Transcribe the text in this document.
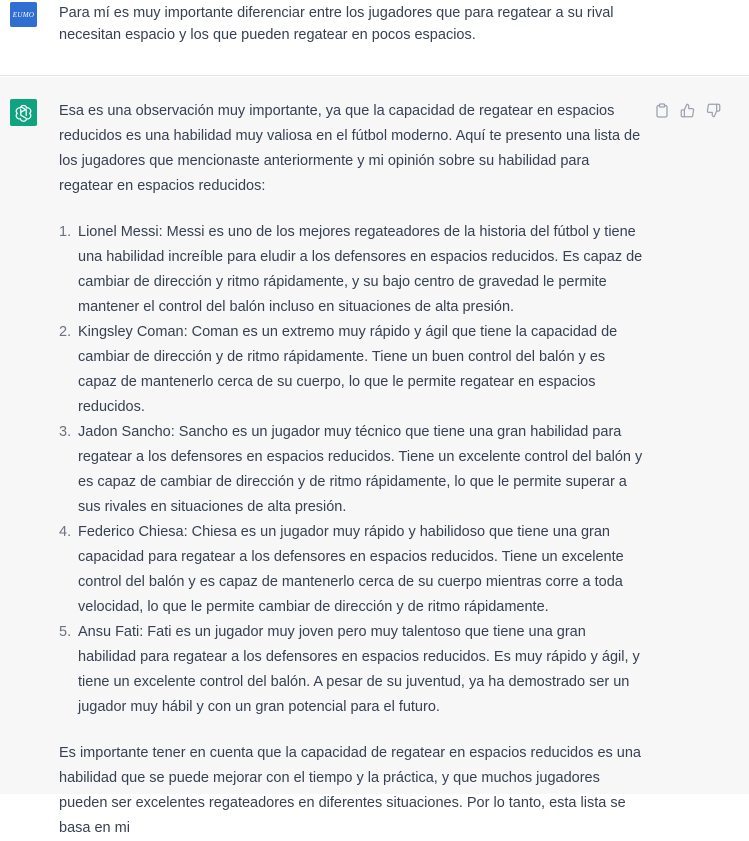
EUMO Para mí es muy importante diferenciar entre los jugadores que para regatear a su rival necesitan espacio y los que pueden regatear en pocos espacios.

Esa es una observación muy importante, ya que la capacidad de regatear en espacios reducidos es una habilidad muy valiosa en el fútbol moderno. Aquí te presento una lista de los jugadores que mencionaste anteriormente y mi opinión sobre su habilidad para regatear en espacios reducidos:

1. Lionel Messi: Messi es uno de los mejores regateadores de la historia del fútbol y tiene una habilidad increíble para eludir a los defensores en espacios reducidos. Es capaz de cambiar de dirección y ritmo rápidamente, y su bajo centro de gravedad le permite mantener el control del balón incluso en situaciones de alta presión.
2. Kingsley Coman: Coman es un extremo muy rápido y ágil que tiene la capacidad de cambiar de dirección y de ritmo rápidamente. Tiene un buen control del balón y es capaz de mantenerlo cerca de su cuerpo, lo que le permite regatear en espacios reducidos.
3. Jadon Sancho: Sancho es un jugador muy técnico que tiene una gran habilidad para regatear a los defensores en espacios reducidos. Tiene un excelente control del balón y es capaz de cambiar de dirección y de ritmo rápidamente, lo que le permite superar a sus rivales en situaciones de alta presión.
4. Federico Chiesa: Chiesa es un jugador muy rápido y habilidoso que tiene una gran capacidad para regatear a los defensores en espacios reducidos. Tiene un excelente control del balón y es capaz de mantenerlo cerca de su cuerpo mientras corre a toda velocidad, lo que le permite cambiar de dirección y de ritmo rápidamente.
5. Ansu Fati: Fati es un jugador muy joven pero muy talentoso que tiene una gran habilidad para regatear a los defensores en espacios reducidos. Es muy rápido y ágil, y tiene un excelente control del balón. A pesar de su juventud, ya ha demostrado ser un jugador muy hábil y con un gran potencial para el futuro.

Es importante tener en cuenta que la capacidad de regatear en espacios reducidos es una habilidad que se puede mejorar con el tiempo y la práctica, y que muchos jugadores pueden ser excelentes regateadores en diferentes situaciones. Por lo tanto, esta lista se basa en mi
